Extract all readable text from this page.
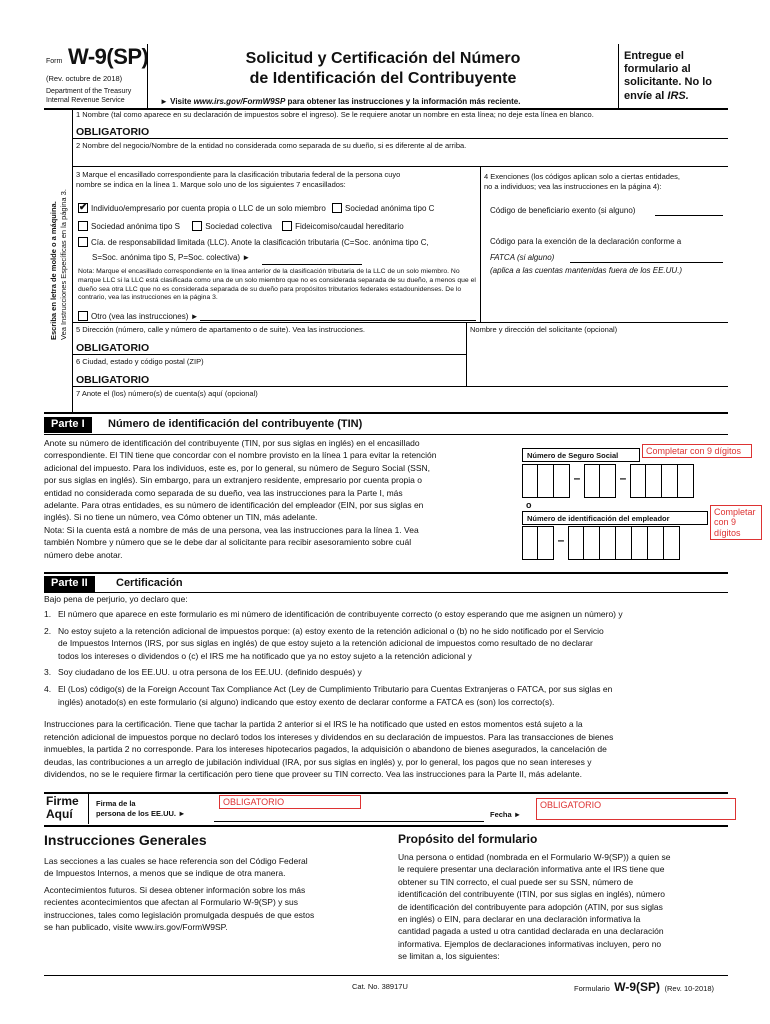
Form W-9(SP)
(Rev. octubre de 2018)
Department of the Treasury
Internal Revenue Service
Solicitud y Certificación del Número
de Identificación del Contribuyente
► Visite www.irs.gov/FormW9SP para obtener las instrucciones y la información más reciente.
Entregue el
formulario al
solicitante. No lo
envíe al IRS.
Escriba en letra de molde o a máquina. Vea Instrucciones Específicas en la página 3.
1 Nombre (tal como aparece en su declaración de impuestos sobre el ingreso). Se le requiere anotar un nombre en esta línea; no deje esta línea en blanco.
OBLIGATORIO
2 Nombre del negocio/Nombre de la entidad no considerada como separada de su dueño, si es diferente al de arriba.
3 Marque el encasillado correspondiente para la clasificación tributaria federal de la persona cuyo
nombre se indica en la línea 1. Marque solo uno de los siguientes 7 encasillados:
✔Individuo/empresario por cuenta propia o LLC de un solo miembro Sociedad anónima tipo C
Sociedad anónima tipo S	Sociedad colectiva	Fideicomiso/caudal hereditario
Cía. de responsabilidad limitada (LLC). Anote la clasificación tributaria (C=Soc. anónima tipo C,
S=Soc. anónima tipo S, P=Soc. colectiva) ►
Nota: Marque el encasillado correspondiente en la línea anterior de la clasificación tributaria de la LLC de un solo miembro. No marque LLC si la LLC está clasificada como una de un solo miembro que no es considerada separada de su dueño, a menos que el dueño sea otra LLC que no es considerada separada de su dueño para propósitos tributarios federales estadounidenses. De lo contrario, vea las instrucciones en la página 3.
Otro (vea las instrucciones) ►
4 Exenciones (los códigos aplican solo a ciertas entidades,
no a individuos; vea las instrucciones en la página 4):
Código de beneficiario exento (si alguno)
Código para la exención de la declaración conforme a
FATCA (si alguno)
(aplica a las cuentas mantenidas fuera de los EE.UU.)
5 Dirección (número, calle y número de apartamento o de suite). Vea las instrucciones.
OBLIGATORIO
Nombre y dirección del solicitante (opcional)
6 Ciudad, estado y código postal (ZIP)
OBLIGATORIO
7 Anote el (los) número(s) de cuenta(s) aquí (opcional)
Parte I	Número de identificación del contribuyente (TIN)
Anote su número de identificación del contribuyente (TIN, por sus siglas en inglés) en el encasillado
correspondiente. El TIN tiene que concordar con el nombre provisto en la línea 1 para evitar la retención
adicional del impuesto. Para los individuos, este es, por lo general, su número de Seguro Social (SSN,
por sus siglas en inglés). Sin embargo, para un extranjero residente, empresario por cuenta propia o
entidad no considerada como separada de su dueño, vea las instrucciones para la Parte I, más
adelante. Para otras entidades, es su número de identificación del empleador (EIN, por sus siglas en
inglés). Si no tiene un número, vea Cómo obtener un TIN, más adelante.
Nota: Si la cuenta está a nombre de más de una persona, vea las instrucciones para la línea 1. Vea
también Nombre y número que se le debe dar al solicitante para recibir asesoramiento sobre cuál
número debe anotar.
Número de Seguro Social	Completar con 9 dígitos
–	–
o
Número de identificación del empleador
Completar con 9 dígitos
–
Parte II	Certificación
Bajo pena de perjurio, yo declaro que:
1. El número que aparece en este formulario es mi número de identificación de contribuyente correcto (o estoy esperando que me asignen un número) y
2. No estoy sujeto a la retención adicional de impuestos porque: (a) estoy exento de la retención adicional o (b) no he sido notificado por el Servicio
de Impuestos Internos (IRS, por sus siglas en inglés) de que estoy sujeto a la retención adicional de impuestos como resultado de no declarar
todos los intereses o dividendos o (c) el IRS me ha notificado que ya no estoy sujeto a la retención adicional y
3. Soy ciudadano de los EE.UU. u otra persona de los EE.UU. (definido después) y
4. El (Los) código(s) de la Foreign Account Tax Compliance Act (Ley de Cumplimiento Tributario para Cuentas Extranjeras o FATCA, por sus siglas en
inglés) anotado(s) en este formulario (si alguno) indicando que estoy exento de declarar conforme a FATCA es (son) los correcto(s).
Instrucciones para la certificación. Tiene que tachar la partida 2 anterior si el IRS le ha notificado que usted en estos momentos está sujeto a la
retención adicional de impuestos porque no declaró todos los intereses y dividendos en su declaración de impuestos. Para las transacciones de bienes
inmuebles, la partida 2 no corresponde. Para los intereses hipotecarios pagados, la adquisición o abandono de bienes asegurados, la cancelación de
deudas, las contribuciones a un arreglo de jubilación individual (IRA, por sus siglas en inglés) y, por lo general, los pagos que no sean intereses y
dividendos, no se le requiere firmar la certificación pero tiene que proveer su TIN correcto. Vea las instrucciones para la Parte II, más adelante.
Firme
Aquí
Firma de la
persona de los EE.UU. ►
OBLIGATORIO
Fecha ►
OBLIGATORIO
Instrucciones Generales
Las secciones a las cuales se hace referencia son del Código Federal
de Impuestos Internos, a menos que se indique de otra manera.
Acontecimientos futuros. Si desea obtener información sobre los más
recientes acontecimientos que afectan al Formulario W-9(SP) y sus
instrucciones, tales como legislación promulgada después de que estos
se han publicado, visite www.irs.gov/FormW9SP.
Propósito del formulario
Una persona o entidad (nombrada en el Formulario W-9(SP)) a quien se
le requiere presentar una declaración informativa ante el IRS tiene que
obtener su TIN correcto, el cual puede ser su SSN, número de
identificación del contribuyente (ITIN, por sus siglas en inglés), número
de identificación del contribuyente para adopción (ATIN, por sus siglas
en inglés) o EIN, para declarar en una declaración informativa la
cantidad pagada a usted u otra cantidad declarada en una declaración
informativa. Ejemplos de declaraciones informativas incluyen, pero no
se limitan a, los siguientes:
Cat. No. 38917U	Formulario W-9(SP) (Rev. 10-2018)
